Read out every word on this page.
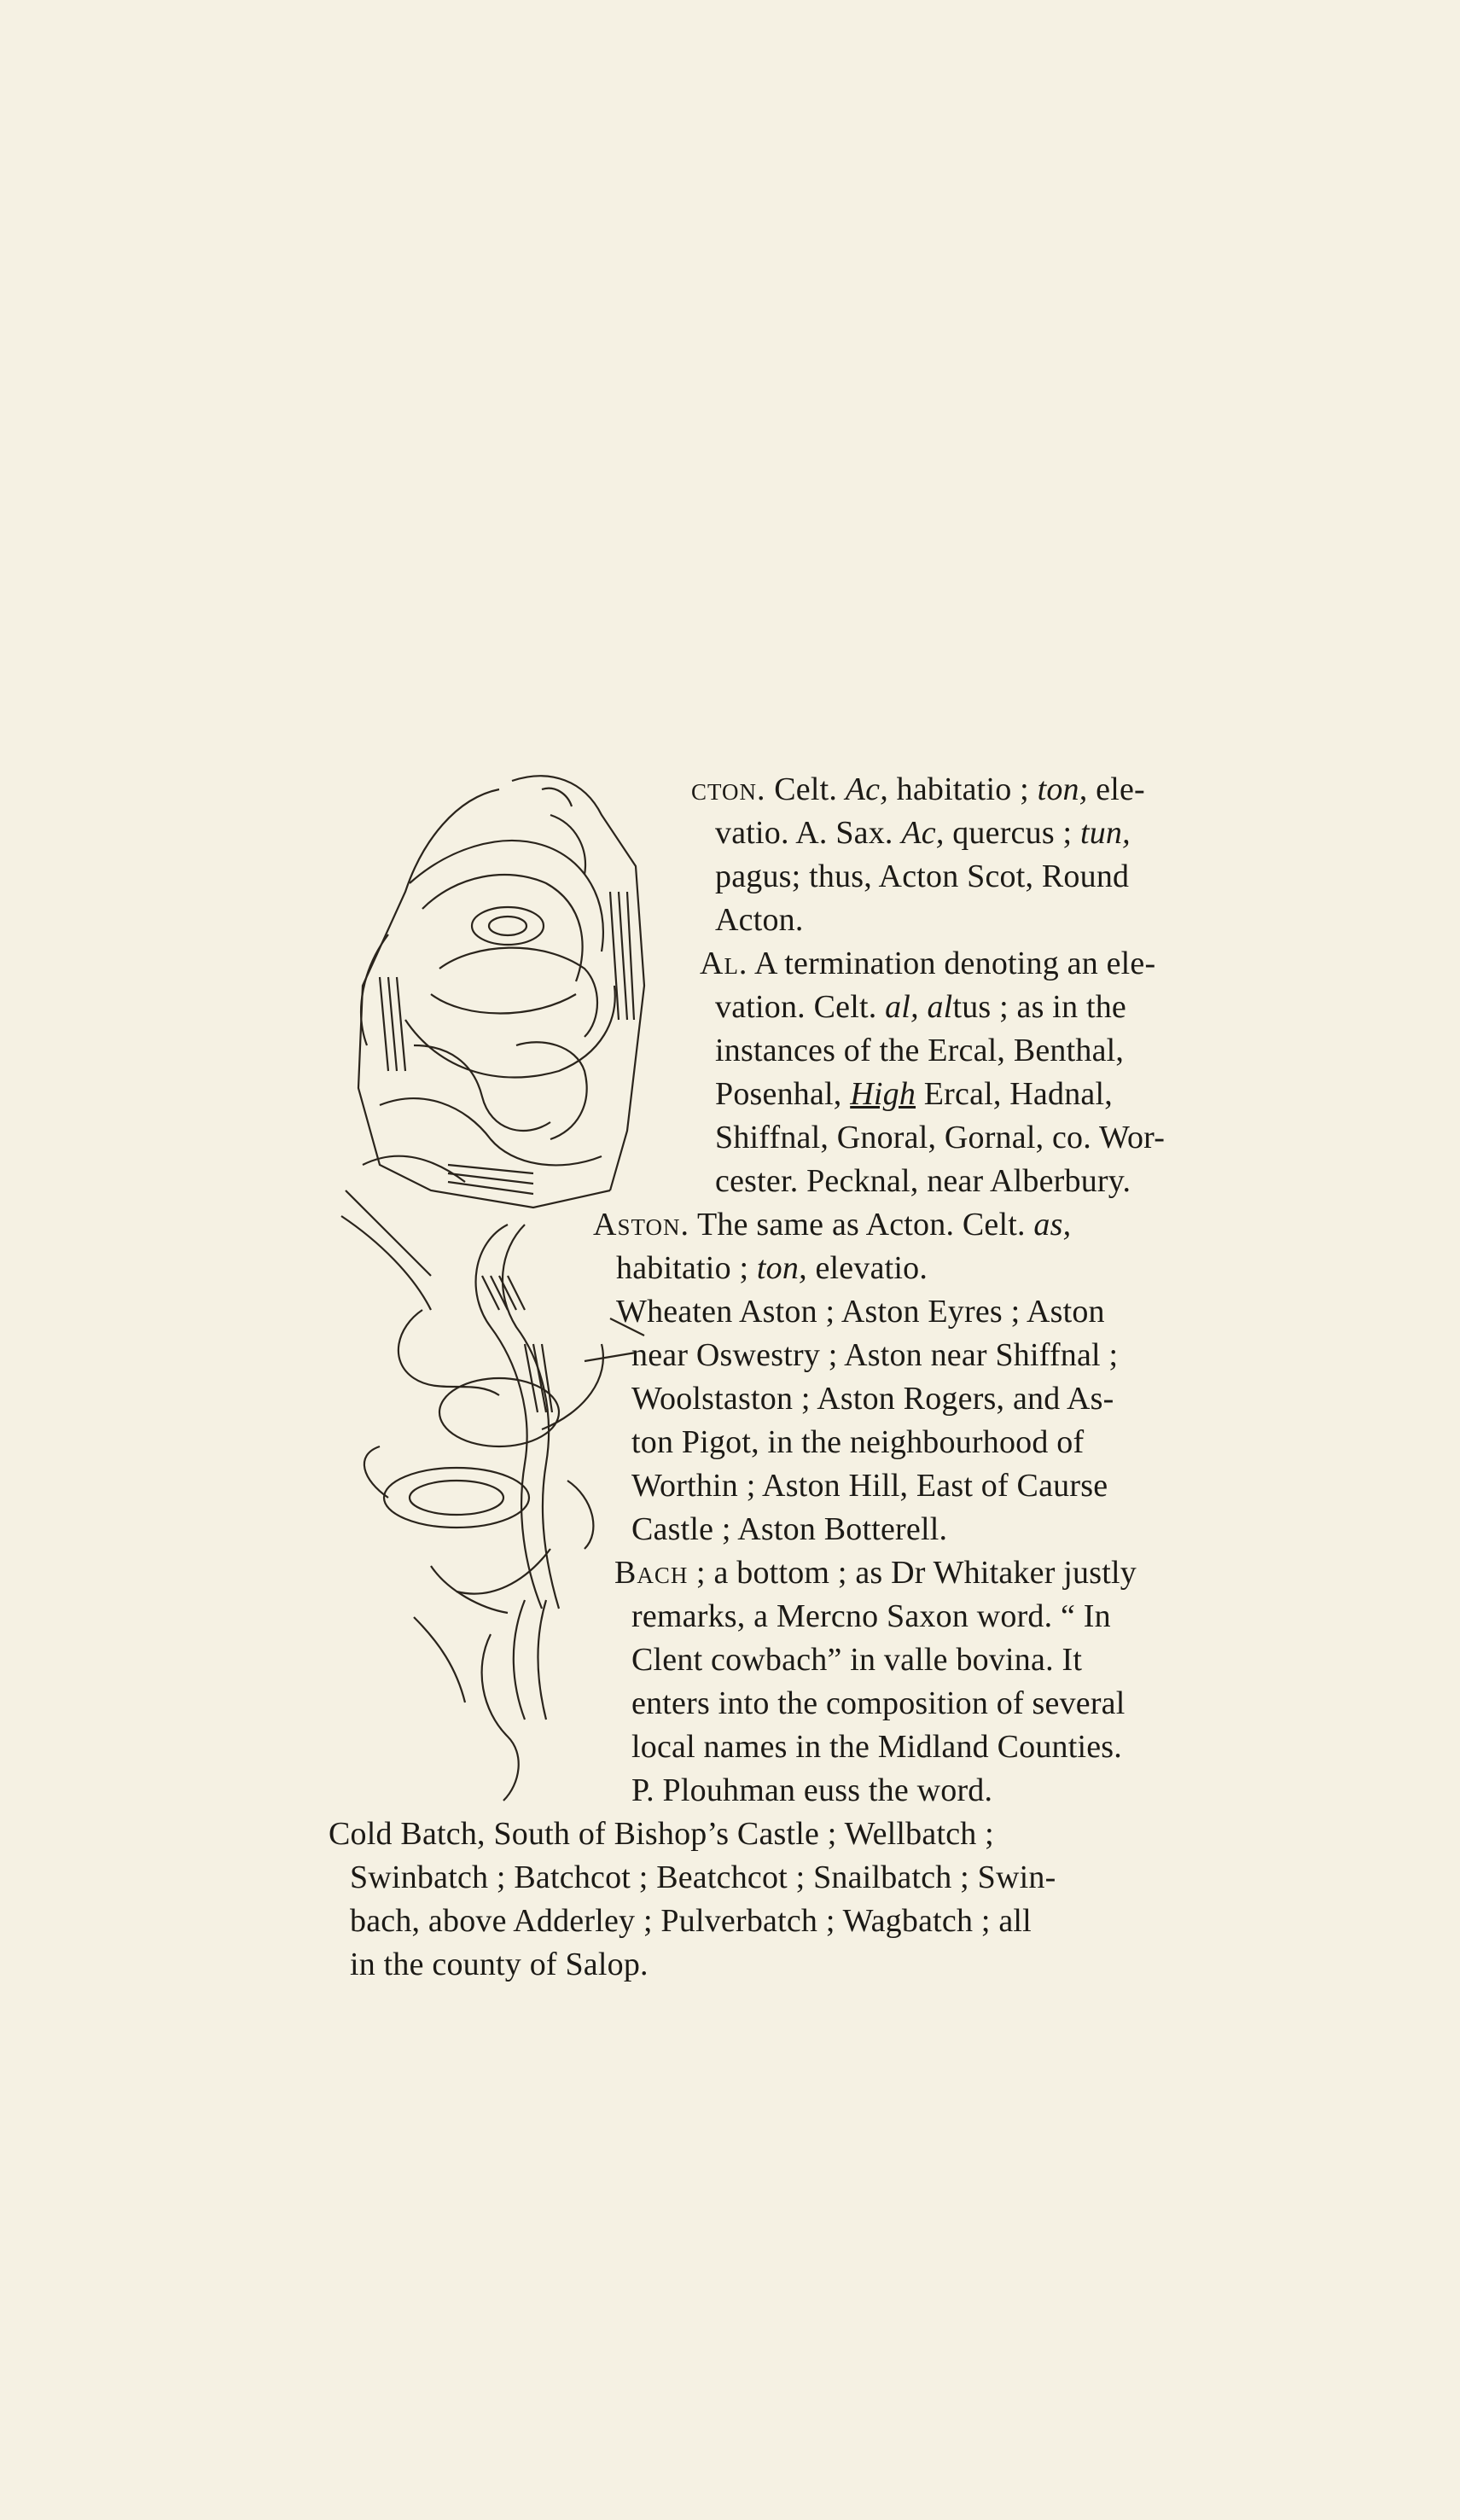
cton. Celt. Ac, habitatio ; ton, ele-
vatio. A. Sax. Ac, quercus ; tun,
pagus; thus, Acton Scot, Round
Acton.
Al. A termination denoting an ele-
vation. Celt. al, altus ; as in the
instances of the Ercal, Benthal,
Posenhal, High Ercal, Hadnal,
Shiffnal, Gnoral, Gornal, co. Wor-
cester. Pecknal, near Alberbury.
Aston. The same as Acton. Celt. as,
habitatio ; ton, elevatio.
Wheaten Aston ; Aston Eyres ; Aston
near Oswestry ; Aston near Shiffnal ;
Woolstaston ; Aston Rogers, and As-
ton Pigot, in the neighbourhood of
Worthin ; Aston Hill, East of Caurse
Castle ; Aston Botterell.
Bach ; a bottom ; as Dr Whitaker justly
remarks, a Mercno Saxon word. “ In
Clent cowbach” in valle bovina. It
enters into the composition of several
local names in the Midland Counties.
P. Plouhman euss the word.
Cold Batch, South of Bishop’s Castle ; Wellbatch ;
Swinbatch ; Batchcot ; Beatchcot ; Snailbatch ; Swin-
bach, above Adderley ; Pulverbatch ; Wagbatch ; all
in the county of Salop.
